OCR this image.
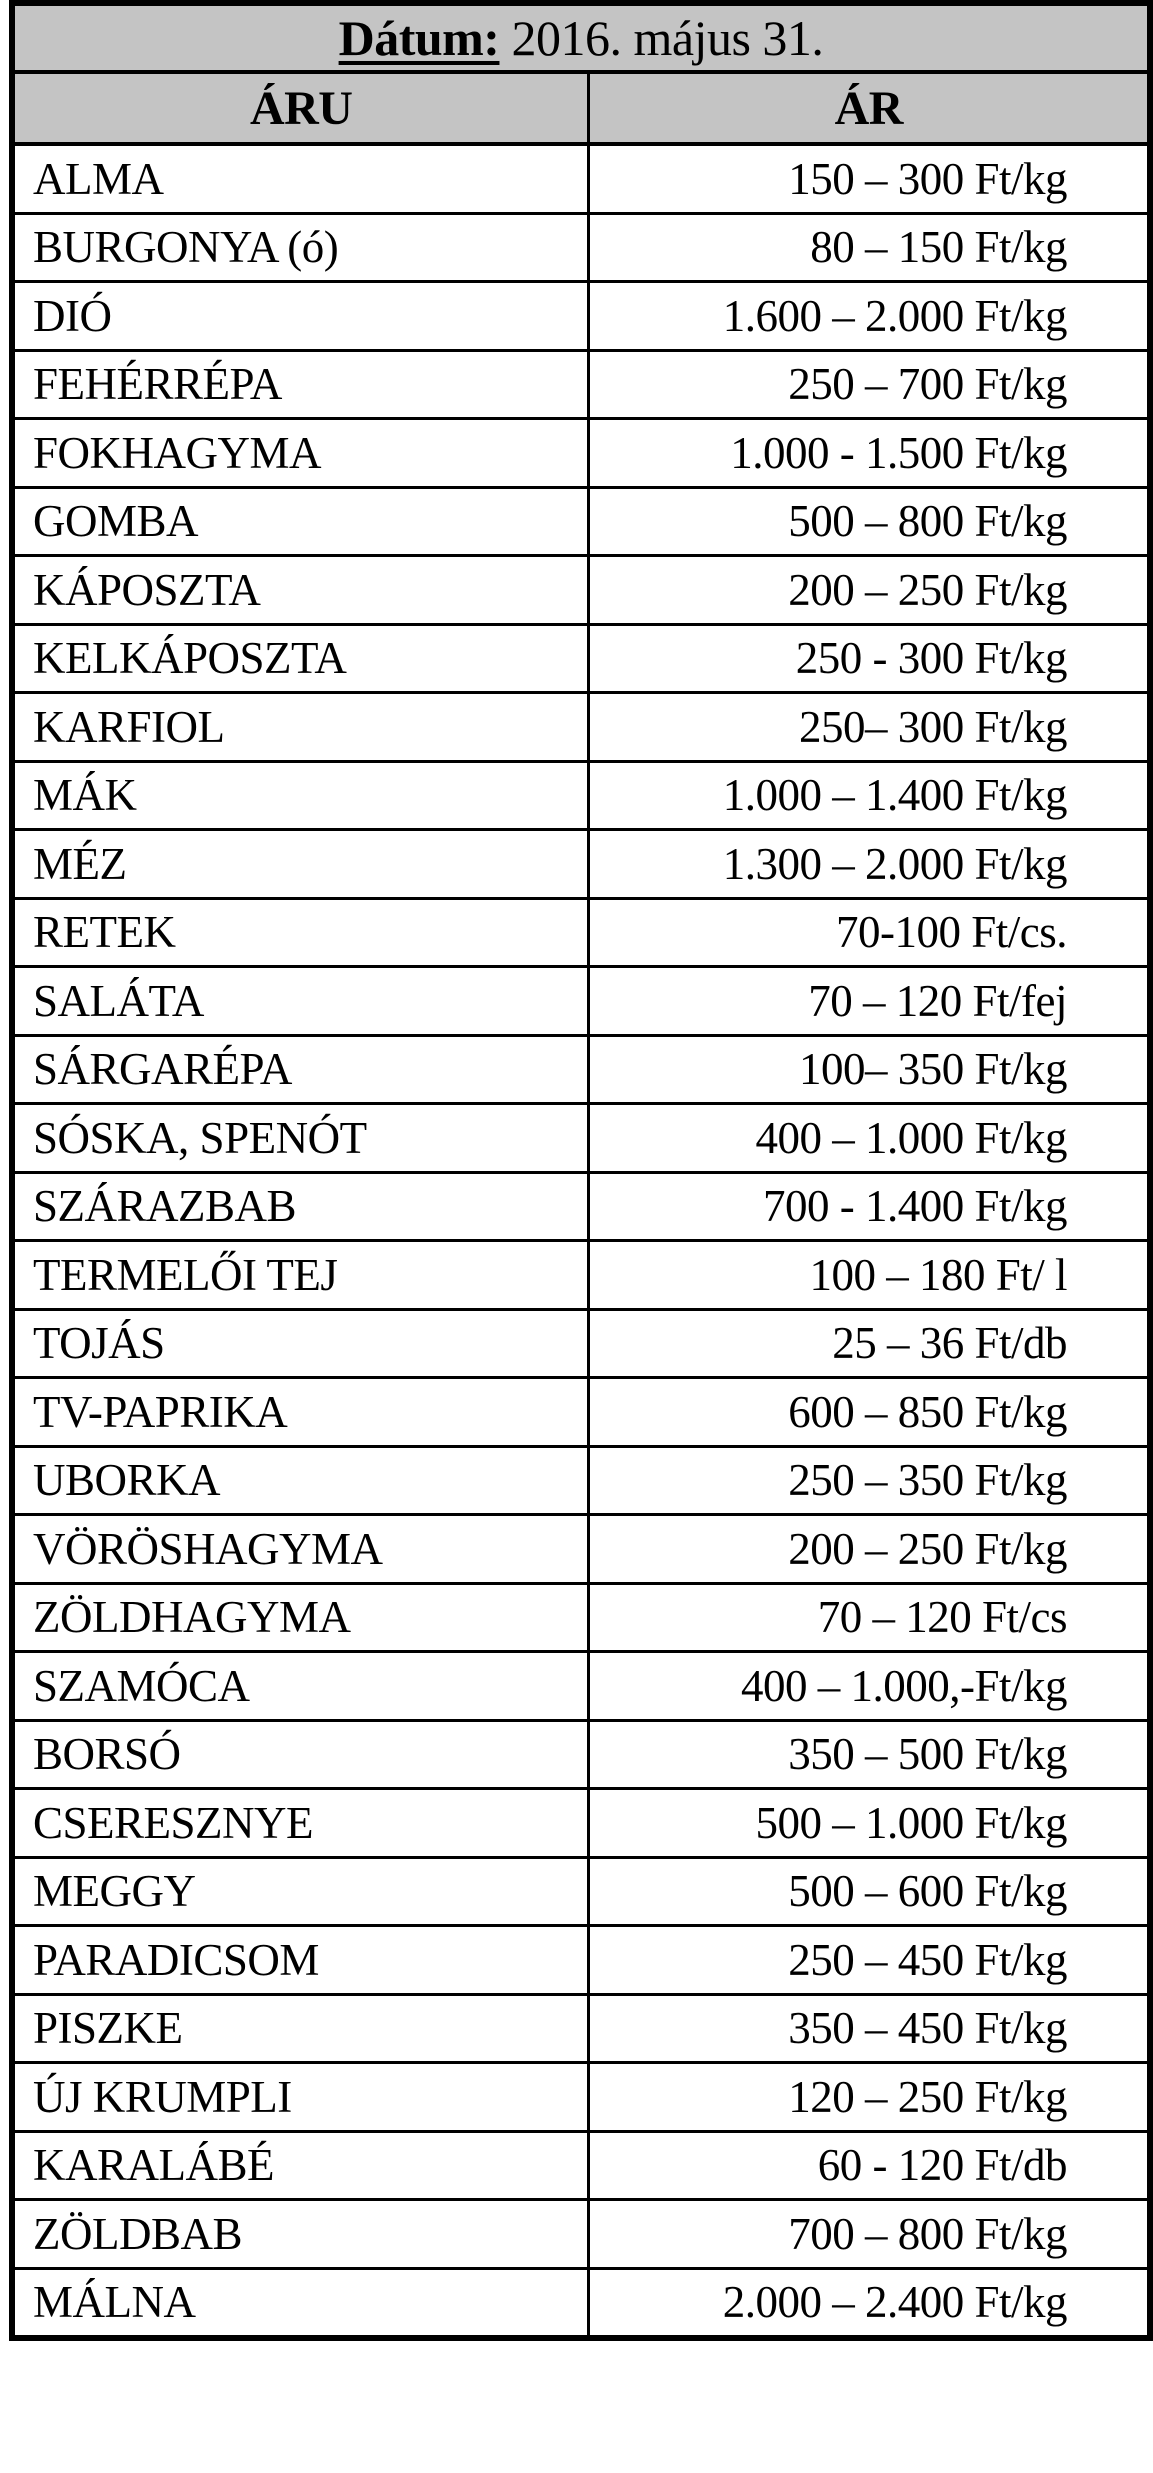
Dátum: 2016. május 31.	
ÁRU	ÁR
ALMA	150 – 300 Ft/kg
BURGONYA (ó)	80 – 150 Ft/kg
DIÓ	1.600 – 2.000 Ft/kg
FEHÉRRÉPA	250 – 700 Ft/kg
FOKHAGYMA	1.000 - 1.500 Ft/kg
GOMBA	500 – 800 Ft/kg
KÁPOSZTA	200 – 250 Ft/kg
KELKÁPOSZTA	250 - 300 Ft/kg
KARFIOL	250– 300 Ft/kg
MÁK	1.000 – 1.400 Ft/kg
MÉZ	1.300 – 2.000 Ft/kg
RETEK	70-100 Ft/cs.
SALÁTA	70 – 120 Ft/fej
SÁRGARÉPA	100– 350 Ft/kg
SÓSKA, SPENÓT	400 – 1.000 Ft/kg
SZÁRAZBAB	700 - 1.400 Ft/kg
TERMELŐI TEJ	100 – 180 Ft/ l
TOJÁS	25 – 36 Ft/db
TV-PAPRIKA	600 – 850 Ft/kg
UBORKA	250 – 350 Ft/kg
VÖRÖSHAGYMA	200 – 250 Ft/kg
ZÖLDHAGYMA	70 – 120 Ft/cs
SZAMÓCA	400 – 1.000,-Ft/kg
BORSÓ	350 – 500 Ft/kg
CSERESZNYE	500 – 1.000 Ft/kg
MEGGY	500 – 600 Ft/kg
PARADICSOM	250 – 450 Ft/kg
PISZKE	350 – 450 Ft/kg
ÚJ KRUMPLI	120 – 250 Ft/kg
KARALÁBÉ	60 - 120 Ft/db
ZÖLDBAB	700 – 800 Ft/kg
MÁLNA	2.000 – 2.400 Ft/kg
